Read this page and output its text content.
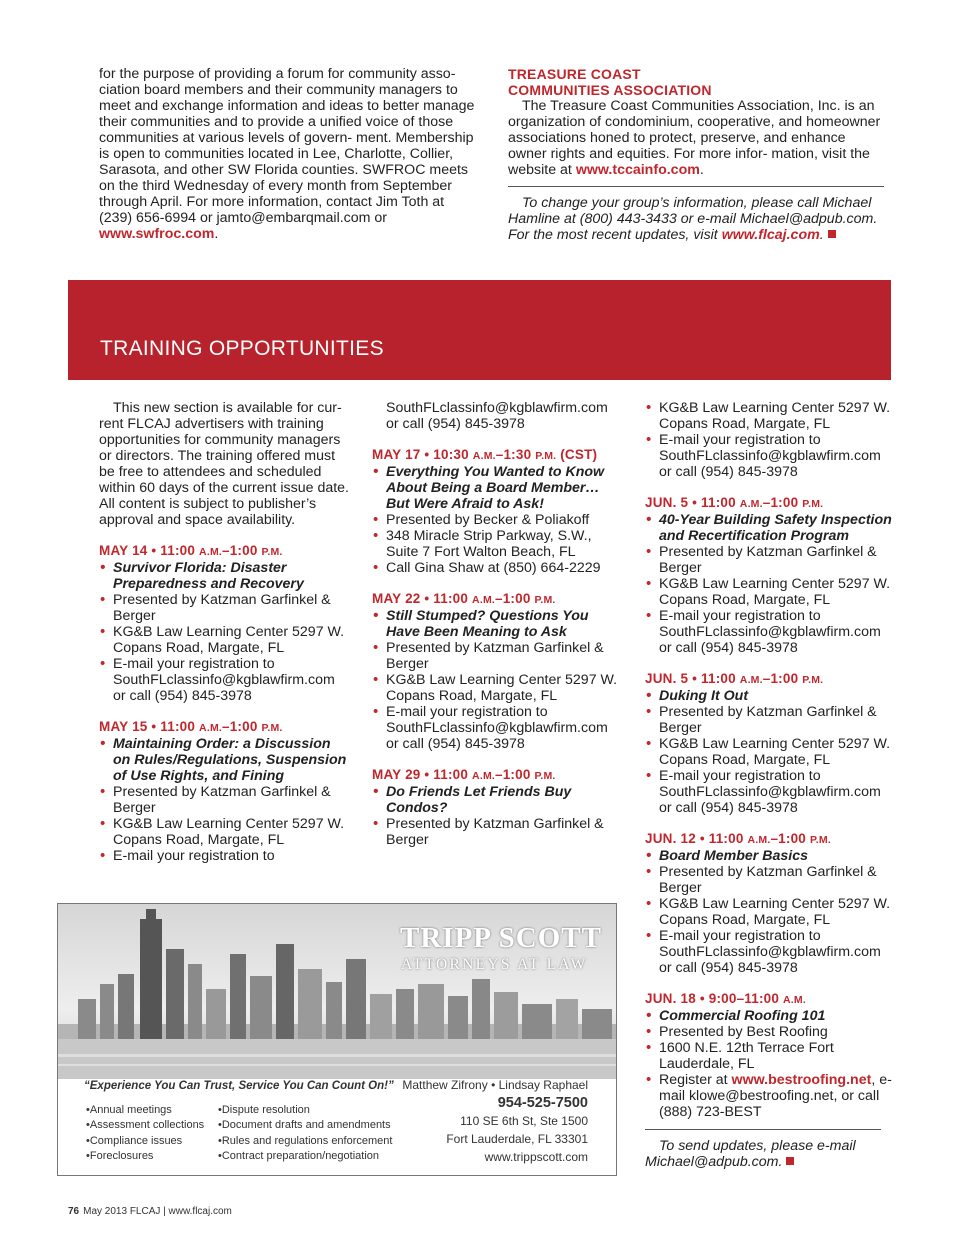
for the purpose of providing a forum for community asso- ciation board members and their community managers to meet and exchange information and ideas to better manage their communities and to provide a unified voice of those communities at various levels of govern- ment. Membership is open to communities located in Lee, Charlotte, Collier, Sarasota, and other SW Florida counties. SWFROC meets on the third Wednesday of every month from September through April. For more information, contact Jim Toth at (239) 656-6994 or jamto@embarqmail.com or www.swfroc.com.
TREASURE COAST
COMMUNITIES ASSOCIATION
The Treasure Coast Communities Association, Inc. is an organization of condominium, cooperative, and homeowner associations honed to protect, preserve, and enhance owner rights and equities. For more infor- mation, visit the website at www.tccainfo.com.
To change your group’s information, please call Michael Hamline at (800) 443-3433 or e-mail Michael@adpub.com. For the most recent updates, visit www.flcaj.com.
TRAINING OPPORTUNITIES
This new section is available for cur- rent FLCAJ advertisers with training opportunities for community managers or directors. The training offered must be free to attendees and scheduled within 60 days of the current issue date. All content is subject to publisher’s approval and space availability.
MAY 14 • 11:00 A.M.–1:00 P.M.
• Survivor Florida: Disaster Preparedness and Recovery
• Presented by Katzman Garfinkel & Berger
• KG&B Law Learning Center 5297 W. Copans Road, Margate, FL
• E-mail your registration to SouthFLclassinfo@kgblawfirm.com or call (954) 845-3978
MAY 15 • 11:00 A.M.–1:00 P.M.
• Maintaining Order: a Discussion on Rules/Regulations, Suspension of Use Rights, and Fining
• Presented by Katzman Garfinkel & Berger
• KG&B Law Learning Center 5297 W. Copans Road, Margate, FL
• E-mail your registration to
SouthFLclassinfo@kgblawfirm.com or call (954) 845-3978
MAY 17 • 10:30 A.M.–1:30 P.M. (CST)
• Everything You Wanted to Know About Being a Board Member… But Were Afraid to Ask!
• Presented by Becker & Poliakoff
• 348 Miracle Strip Parkway, S.W., Suite 7 Fort Walton Beach, FL
• Call Gina Shaw at (850) 664-2229
MAY 22 • 11:00 A.M.–1:00 P.M.
• Still Stumped? Questions You Have Been Meaning to Ask
• Presented by Katzman Garfinkel & Berger
• KG&B Law Learning Center 5297 W. Copans Road, Margate, FL
• E-mail your registration to SouthFLclassinfo@kgblawfirm.com or call (954) 845-3978
MAY 29 • 11:00 A.M.–1:00 P.M.
• Do Friends Let Friends Buy Condos?
• Presented by Katzman Garfinkel & Berger
• KG&B Law Learning Center 5297 W. Copans Road, Margate, FL
• E-mail your registration to SouthFLclassinfo@kgblawfirm.com or call (954) 845-3978
JUN. 5 • 11:00 A.M.–1:00 P.M.
• 40-Year Building Safety Inspection and Recertification Program
• Presented by Katzman Garfinkel & Berger
• KG&B Law Learning Center 5297 W. Copans Road, Margate, FL
• E-mail your registration to SouthFLclassinfo@kgblawfirm.com or call (954) 845-3978
JUN. 5 • 11:00 A.M.–1:00 P.M.
• Duking It Out
• Presented by Katzman Garfinkel & Berger
• KG&B Law Learning Center 5297 W. Copans Road, Margate, FL
• E-mail your registration to SouthFLclassinfo@kgblawfirm.com or call (954) 845-3978
JUN. 12 • 11:00 A.M.–1:00 P.M.
• Board Member Basics
• Presented by Katzman Garfinkel & Berger
• KG&B Law Learning Center 5297 W. Copans Road, Margate, FL
• E-mail your registration to SouthFLclassinfo@kgblawfirm.com or call (954) 845-3978
JUN. 18 • 9:00–11:00 A.M.
• Commercial Roofing 101
• Presented by Best Roofing
• 1600 N.E. 12th Terrace Fort Lauderdale, FL
• Register at www.bestroofing.net, e-mail klowe@bestroofing.net, or call (888) 723-BEST
To send updates, please e-mail Michael@adpub.com.
TRIPP SCOTT
ATTORNEYS AT LAW
“Experience You Can Trust, Service You Can Count On!”
• Annual meetings
• Assessment collections
• Compliance issues
• Foreclosures
• Dispute resolution
• Document drafts and amendments
• Rules and regulations enforcement
• Contract preparation/negotiation
Matthew Zifrony • Lindsay Raphael
954-525-7500
110 SE 6th St, Ste 1500
Fort Lauderdale, FL 33301
www.trippscott.com
76 May 2013 FLCAJ | www.flcaj.com
